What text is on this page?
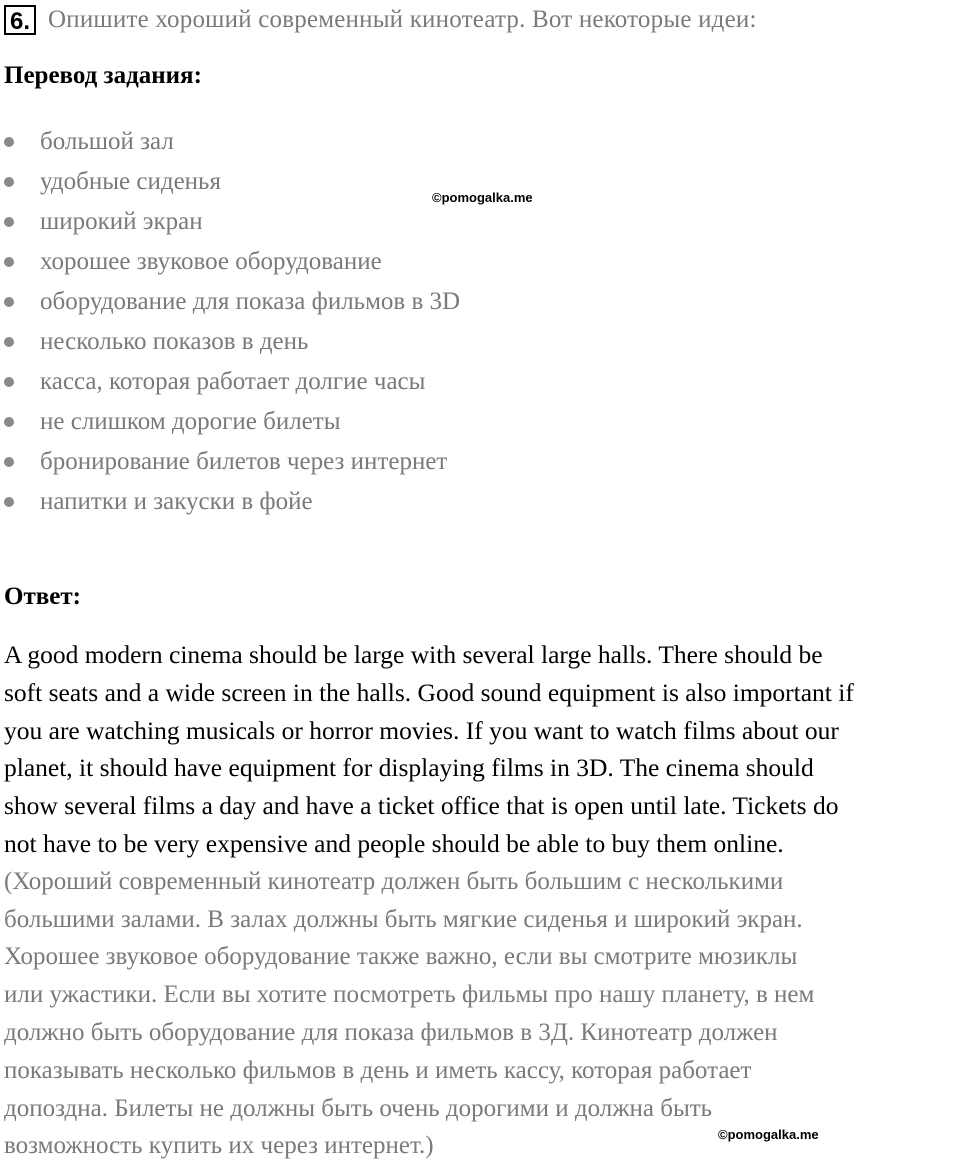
6. Опишите хороший современный кинотеатр. Вот некоторые идеи:
Перевод задания:
большой зал
удобные сиденья
широкий экран
хорошее звуковое оборудование
оборудование для показа фильмов в 3D
несколько показов в день
касса, которая работает долгие часы
не слишком дорогие билеты
бронирование билетов через интернет
напитки и закуски в фойе
©pomogalka.me
Ответ:
A good modern cinema should be large with several large halls. There should be
soft seats and a wide screen in the halls. Good sound equipment is also important if
you are watching musicals or horror movies. If you want to watch films about our
planet, it should have equipment for displaying films in 3D. The cinema should
show several films a day and have a ticket office that is open until late. Tickets do
not have to be very expensive and people should be able to buy them online.
(Хороший современный кинотеатр должен быть большим с несколькими
большими залами. В залах должны быть мягкие сиденья и широкий экран.
Хорошее звуковое оборудование также важно, если вы смотрите мюзиклы
или ужастики. Если вы хотите посмотреть фильмы про нашу планету, в нем
должно быть оборудование для показа фильмов в 3Д. Кинотеатр должен
показывать несколько фильмов в день и иметь кассу, которая работает
допоздна. Билеты не должны быть очень дорогими и должна быть
возможность купить их через интернет.)	©pomogalka.me
